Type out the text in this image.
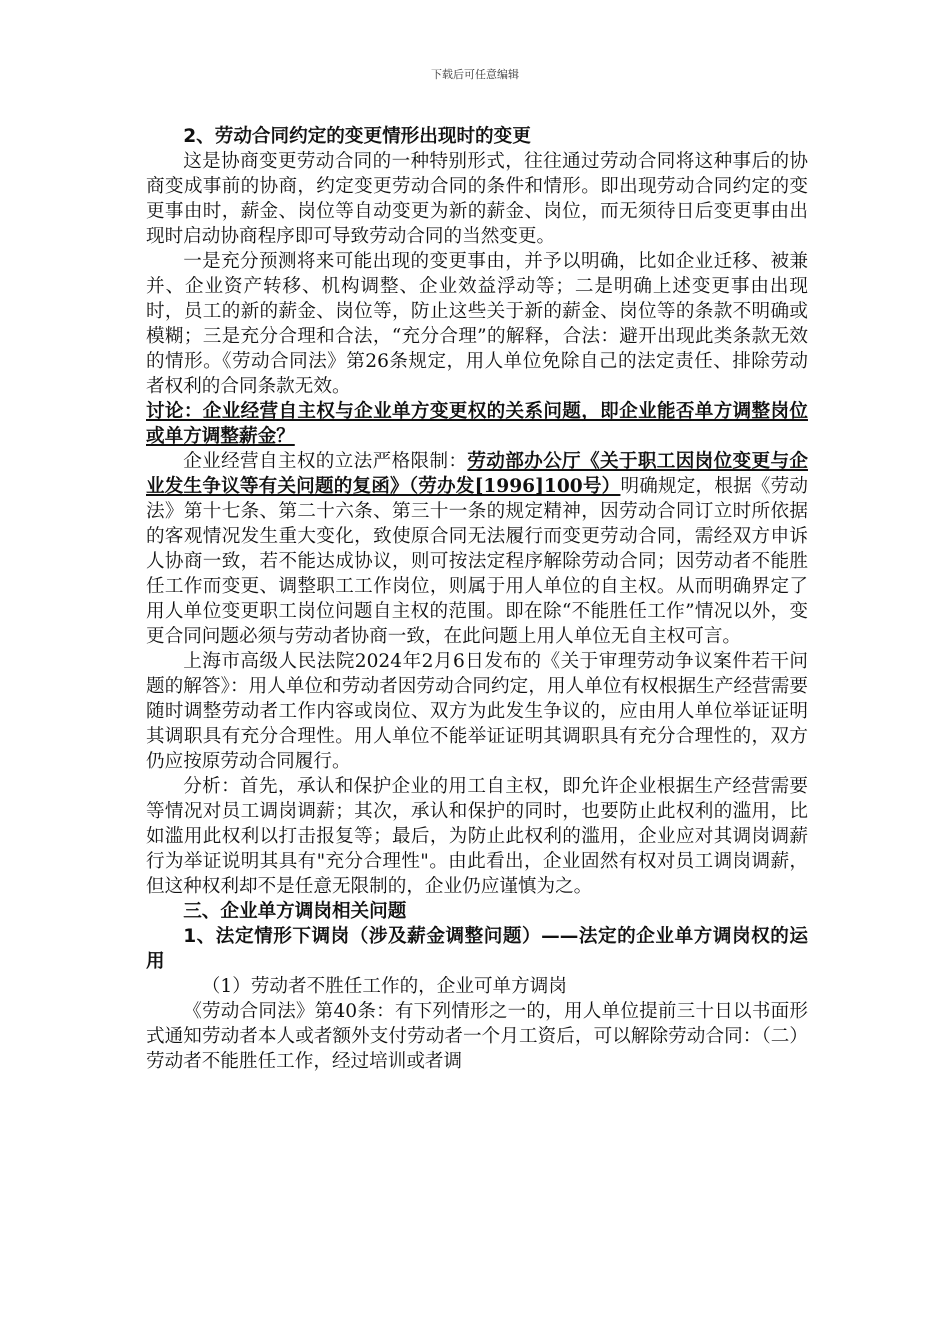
下载后可任意编辑

2、劳动合同约定的变更情形出现时的变更

这是协商变更劳动合同的一种特别形式，往往通过劳动合同将这种事后的协商变成事前的协商，约定变更劳动合同的条件和情形。即出现劳动合同约定的变更事由时，薪金、岗位等自动变更为新的薪金、岗位，而无须待日后变更事由出现时启动协商程序即可导致劳动合同的当然变更。

一是充分预测将来可能出现的变更事由，并予以明确，比如企业迁移、被兼并、企业资产转移、机构调整、企业效益浮动等；二是明确上述变更事由出现时，员工的新的薪金、岗位等，防止这些关于新的薪金、岗位等的条款不明确或模糊；三是充分合理和合法，“充分合理”的解释，合法：避开出现此类条款无效的情形。《劳动合同法》第26条规定，用人单位免除自己的法定责任、排除劳动者权利的合同条款无效。

讨论：企业经营自主权与企业单方变更权的关系问题，即企业能否单方调整岗位或单方调整薪金？

企业经营自主权的立法严格限制：劳动部办公厅《关于职工因岗位变更与企业发生争议等有关问题的复函》（劳办发[1996]100号）明确规定，根据《劳动法》第十七条、第二十六条、第三十一条的规定精神，因劳动合同订立时所依据的客观情况发生重大变化，致使原合同无法履行而变更劳动合同，需经双方申诉人协商一致，若不能达成协议，则可按法定程序解除劳动合同；因劳动者不能胜任工作而变更、调整职工工作岗位，则属于用人单位的自主权。从而明确界定了用人单位变更职工岗位问题自主权的范围。即在除“不能胜任工作”情况以外，变更合同问题必须与劳动者协商一致，在此问题上用人单位无自主权可言。

上海市高级人民法院2024年2月6日发布的《关于审理劳动争议案件若干问题的解答》：用人单位和劳动者因劳动合同约定，用人单位有权根据生产经营需要随时调整劳动者工作内容或岗位、双方为此发生争议的，应由用人单位举证证明其调职具有充分合理性。用人单位不能举证证明其调职具有充分合理性的，双方仍应按原劳动合同履行。

分析：首先，承认和保护企业的用工自主权，即允许企业根据生产经营需要等情况对员工调岗调薪；其次，承认和保护的同时，也要防止此权利的滥用，比如滥用此权利以打击报复等；最后，为防止此权利的滥用，企业应对其调岗调薪行为举证说明其具有"充分合理性"。由此看出，企业固然有权对员工调岗调薪，但这种权利却不是任意无限制的，企业仍应谨慎为之。

三、企业单方调岗相关问题

1、法定情形下调岗（涉及薪金调整问题）——法定的企业单方调岗权的运用

（1）劳动者不胜任工作的，企业可单方调岗

《劳动合同法》第40条：有下列情形之一的，用人单位提前三十日以书面形式通知劳动者本人或者额外支付劳动者一个月工资后，可以解除劳动合同：（二）劳动者不能胜任工作，经过培训或者调
